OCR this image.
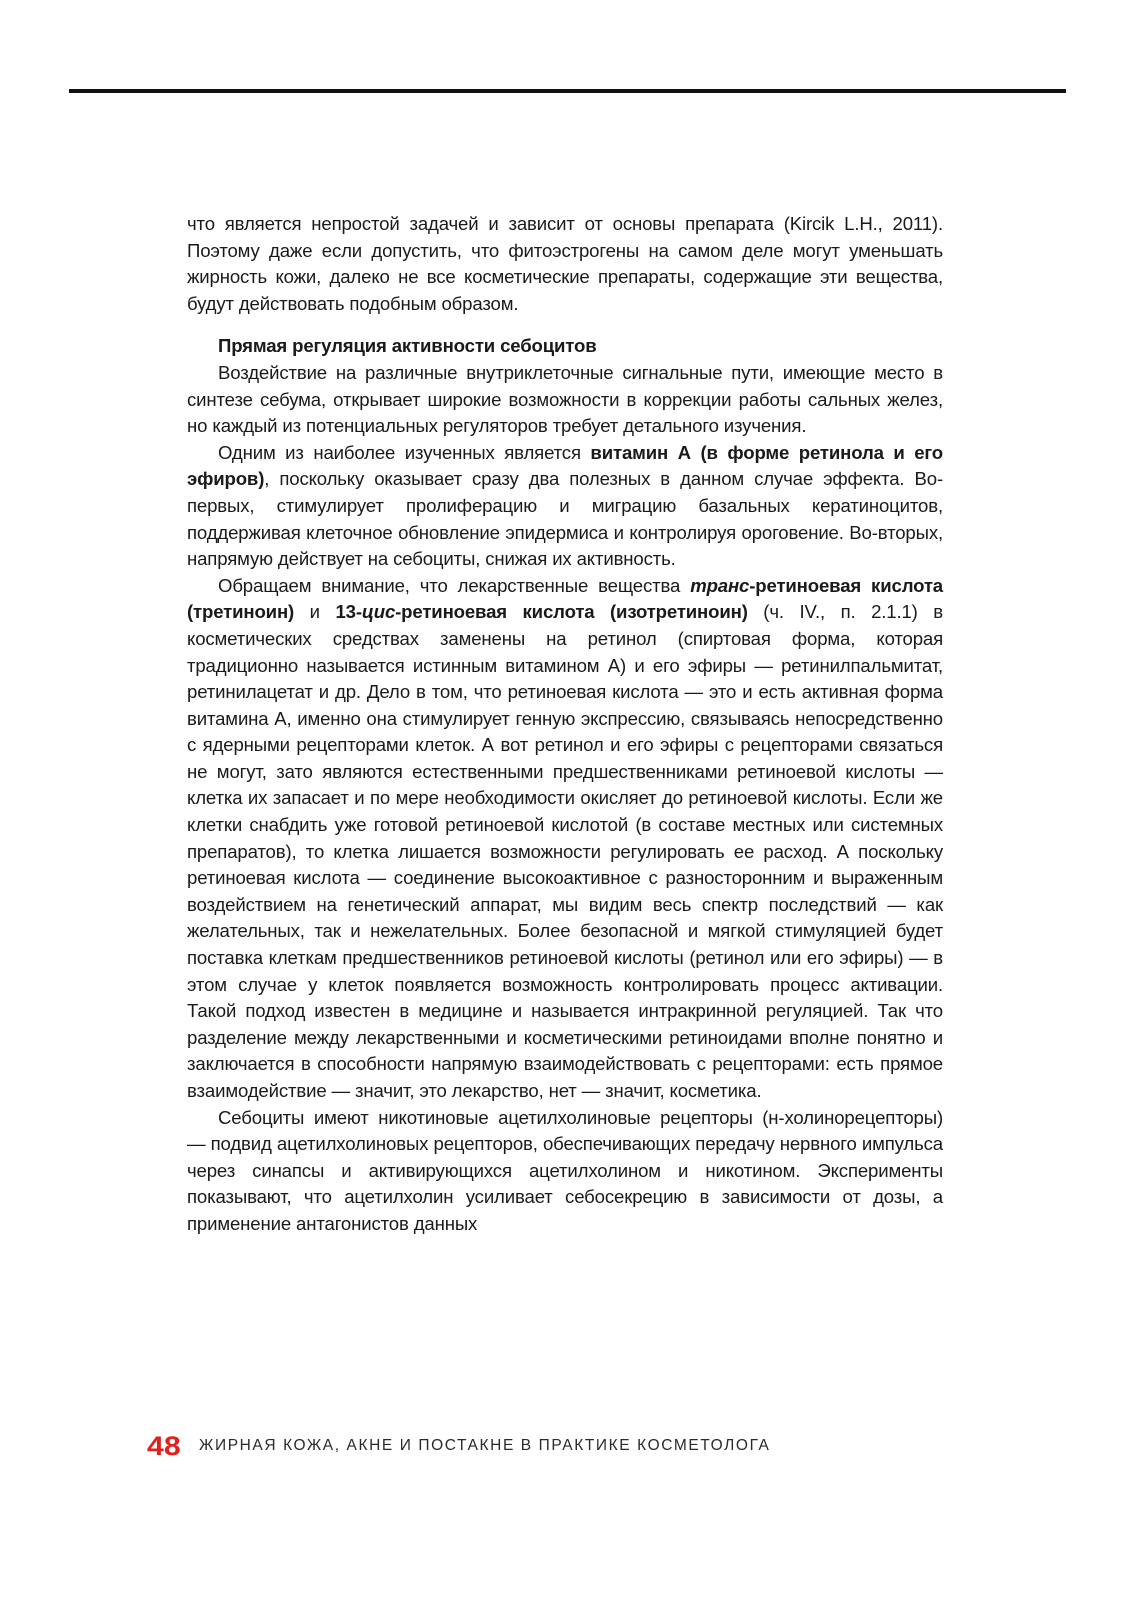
что является непростой задачей и зависит от основы препарата (Kircik L.H., 2011). Поэтому даже если допустить, что фитоэстрогены на самом деле могут уменьшать жирность кожи, далеко не все косметические препараты, содержащие эти вещества, будут действовать подобным образом.

Прямая регуляция активности себоцитов

Воздействие на различные внутриклеточные сигнальные пути, имеющие место в синтезе себума, открывает широкие возможности в коррекции работы сальных желез, но каждый из потенциальных регуляторов требует детального изучения.

Одним из наиболее изученных является витамин А (в форме ретинола и его эфиров), поскольку оказывает сразу два полезных в данном случае эффекта. Во-первых, стимулирует пролиферацию и миграцию базальных кератиноцитов, поддерживая клеточное обновление эпидермиса и контролируя ороговение. Во-вторых, напрямую действует на себоциты, снижая их активность.

Обращаем внимание, что лекарственные вещества транс-ретиноевая кислота (третиноин) и 13-цис-ретиноевая кислота (изотретиноин) (ч. IV., п. 2.1.1) в косметических средствах заменены на ретинол (спиртовая форма, которая традиционно называется истинным витамином А) и его эфиры — ретинилпальмитат, ретинилацетат и др. Дело в том, что ретиноевая кислота — это и есть активная форма витамина А, именно она стимулирует генную экспрессию, связываясь непосредственно с ядерными рецепторами клеток. А вот ретинол и его эфиры с рецепторами связаться не могут, зато являются естественными предшественниками ретиноевой кислоты — клетка их запасает и по мере необходимости окисляет до ретиноевой кислоты. Если же клетки снабдить уже готовой ретиноевой кислотой (в составе местных или системных препаратов), то клетка лишается возможности регулировать ее расход. А поскольку ретиноевая кислота — соединение высокоактивное с разносторонним и выраженным воздействием на генетический аппарат, мы видим весь спектр последствий — как желательных, так и нежелательных. Более безопасной и мягкой стимуляцией будет поставка клеткам предшественников ретиноевой кислоты (ретинол или его эфиры) — в этом случае у клеток появляется возможность контролировать процесс активации. Такой подход известен в медицине и называется интракринной регуляцией. Так что разделение между лекарственными и косметическими ретиноидами вполне понятно и заключается в способности напрямую взаимодействовать с рецепторами: есть прямое взаимодействие — значит, это лекарство, нет — значит, косметика.

Себоциты имеют никотиновые ацетилхолиновые рецепторы (н-холинорецепторы) — подвид ацетилхолиновых рецепторов, обеспечивающих передачу нервного импульса через синапсы и активирующихся ацетилхолином и никотином. Эксперименты показывают, что ацетилхолин усиливает себосекрецию в зависимости от дозы, а применение антагонистов данных

48 ЖИРНАЯ КОЖА, АКНЕ И ПОСТАКНЕ В ПРАКТИКЕ КОСМЕТОЛОГА
